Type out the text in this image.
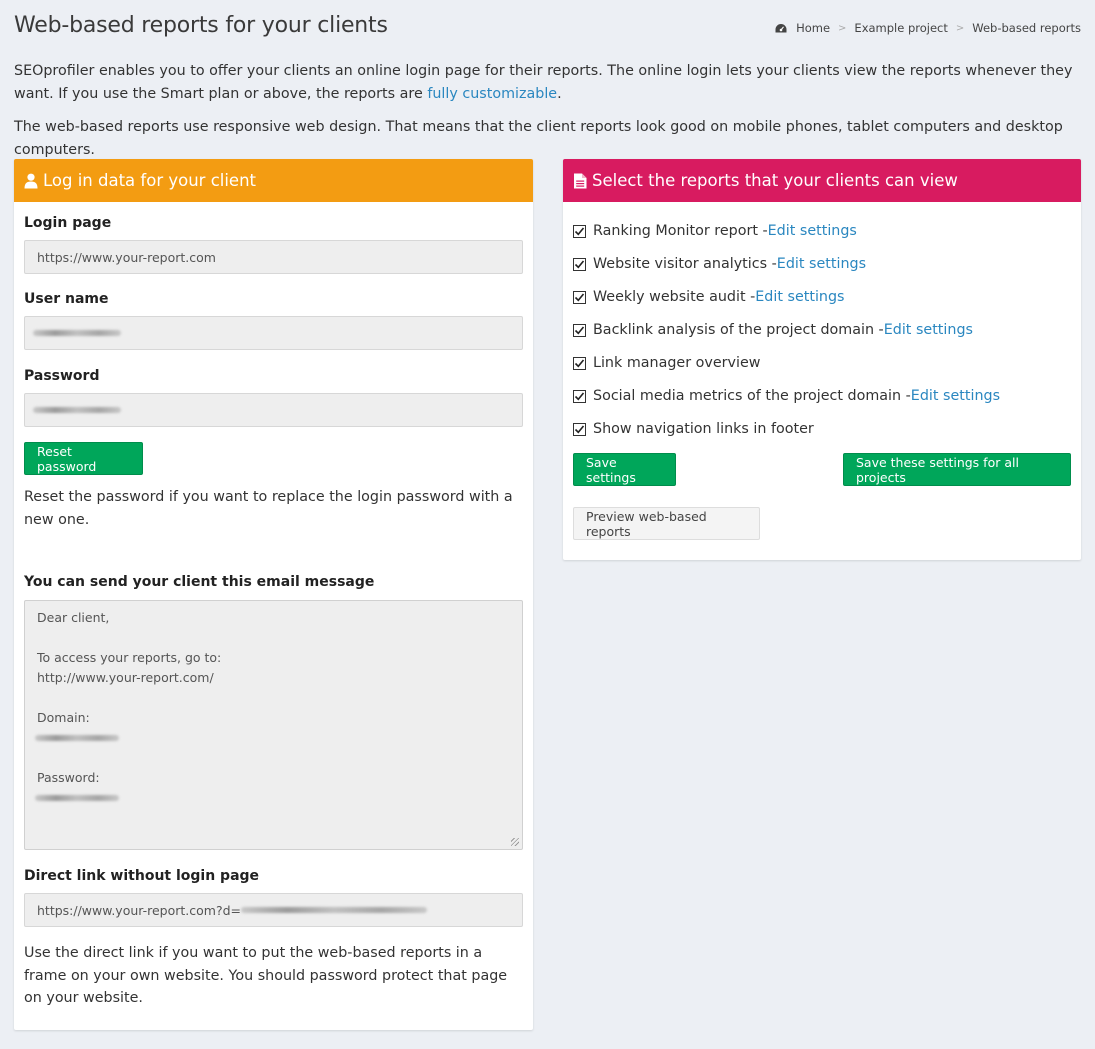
Web-based reports for your clients	Home > Example project > Web-based reports

SEOprofiler enables you to offer your clients an online login page for their reports. The online login lets your clients view the reports whenever they want. If you use the Smart plan or above, the reports are fully customizable.

The web-based reports use responsive web design. That means that the client reports look good on mobile phones, tablet computers and desktop computers.

Log in data for your client
Login page
https://www.your-report.com
User name
Password
Reset password

Reset the password if you want to replace the login password with a new one.

You can send your client this email message
Dear client,
To access your reports, go to:
http://www.your-report.com/
Domain:
Password:
Direct link without login page
https://www.your-report.com?d=

Use the direct link if you want to put the web-based reports in a frame on your own website. You should password protect that page on your website.

Select the reports that your clients can view
Ranking Monitor report - Edit settings
Website visitor analytics - Edit settings
Weekly website audit - Edit settings
Backlink analysis of the project domain - Edit settings
Link manager overview
Social media metrics of the project domain - Edit settings
Show navigation links in footer
Save settings
Save these settings for all projects
Preview web-based reports
